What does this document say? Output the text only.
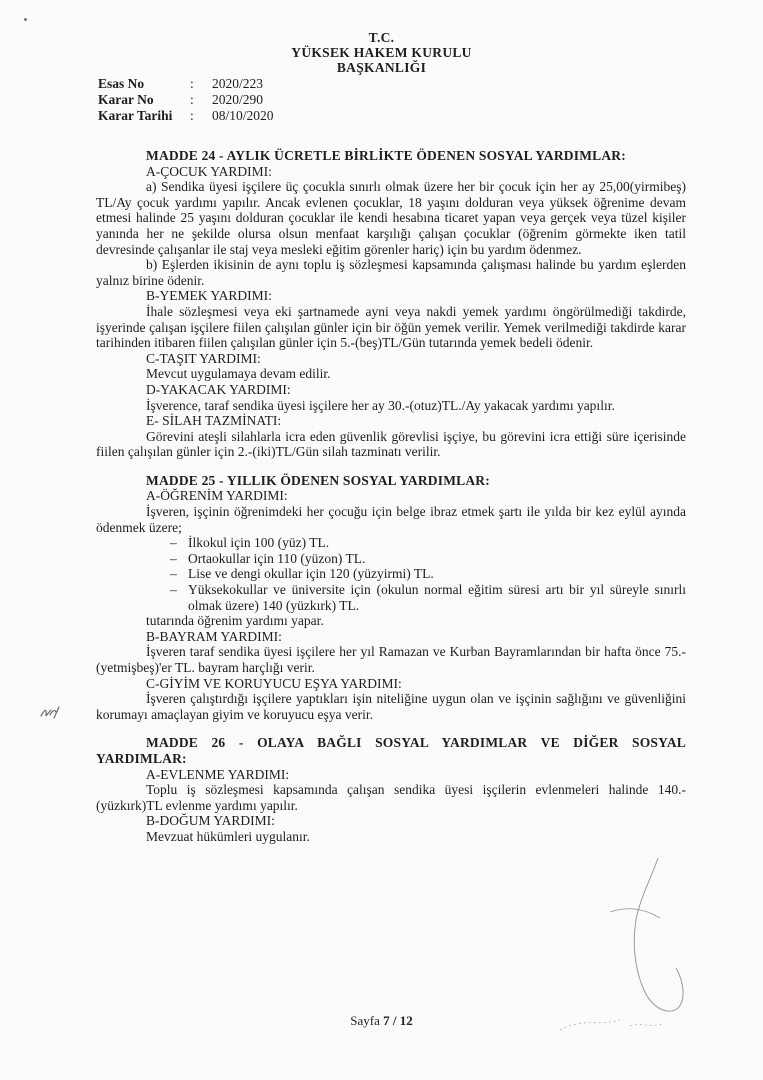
T.C.
YÜKSEK HAKEM KURULU
BAŞKANLIĞI
Esas No	:	2020/223
Karar No	:	2020/290
Karar Tarihi	:	08/10/2020
MADDE 24 - AYLIK ÜCRETLE BİRLİKTE ÖDENEN SOSYAL YARDIMLAR:
A-ÇOCUK YARDIMI:
a) Sendika üyesi işçilere üç çocukla sınırlı olmak üzere her bir çocuk için her ay 25,00(yirmibeş) TL/Ay çocuk yardımı yapılır. Ancak evlenen çocuklar, 18 yaşını dolduran veya yüksek öğrenime devam etmesi halinde 25 yaşını dolduran çocuklar ile kendi hesabına ticaret yapan veya gerçek veya tüzel kişiler yanında her ne şekilde olursa olsun menfaat karşılığı çalışan çocuklar (öğrenim görmekte iken tatil devresinde çalışanlar ile staj veya mesleki eğitim görenler hariç) için bu yardım ödenmez.
b) Eşlerden ikisinin de aynı toplu iş sözleşmesi kapsamında çalışması halinde bu yardım eşlerden yalnız birine ödenir.
B-YEMEK YARDIMI:
İhale sözleşmesi veya eki şartnamede ayni veya nakdi yemek yardımı öngörülmediği takdirde, işyerinde çalışan işçilere fiilen çalışılan günler için bir öğün yemek verilir. Yemek verilmediği takdirde karar tarihinden itibaren fiilen çalışılan günler için 5.-(beş)TL/Gün tutarında yemek bedeli ödenir.
C-TAŞIT YARDIMI:
Mevcut uygulamaya devam edilir.
D-YAKACAK YARDIMI:
İşverence, taraf sendika üyesi işçilere her ay 30.-(otuz)TL./Ay yakacak yardımı yapılır.
E- SİLAH TAZMİNATI:
Görevini ateşli silahlarla icra eden güvenlik görevlisi işçiye, bu görevini icra ettiği süre içerisinde fiilen çalışılan günler için 2.-(iki)TL/Gün silah tazminatı verilir.
MADDE 25 - YILLIK ÖDENEN SOSYAL YARDIMLAR:
A-ÖĞRENİM YARDIMI:
İşveren, işçinin öğrenimdeki her çocuğu için belge ibraz etmek şartı ile yılda bir kez eylül ayında ödenmek üzere;
– İlkokul için 100 (yüz) TL.
– Ortaokullar için 110 (yüzon) TL.
– Lise ve dengi okullar için 120 (yüzyirmi) TL.
– Yüksekokullar ve üniversite için (okulun normal eğitim süresi artı bir yıl süreyle sınırlı olmak üzere) 140 (yüzkırk) TL.
tutarında öğrenim yardımı yapar.
B-BAYRAM YARDIMI:
İşveren taraf sendika üyesi işçilere her yıl Ramazan ve Kurban Bayramlarından bir hafta önce 75.-(yetmişbeş)'er TL. bayram harçlığı verir.
C-GİYİM VE KORUYUCU EŞYA YARDIMI:
İşveren çalıştırdığı işçilere yaptıkları işin niteliğine uygun olan ve işçinin sağlığını ve güvenliğini korumayı amaçlayan giyim ve koruyucu eşya verir.
MADDE 26 - OLAYA BAĞLI SOSYAL YARDIMLAR VE DİĞER SOSYAL YARDIMLAR:
A-EVLENME YARDIMI:
Toplu iş sözleşmesi kapsamında çalışan sendika üyesi işçilerin evlenmeleri halinde 140.-(yüzkırk)TL evlenme yardımı yapılır.
B-DOĞUM YARDIMI:
Mevzuat hükümleri uygulanır.
Sayfa 7 / 12
